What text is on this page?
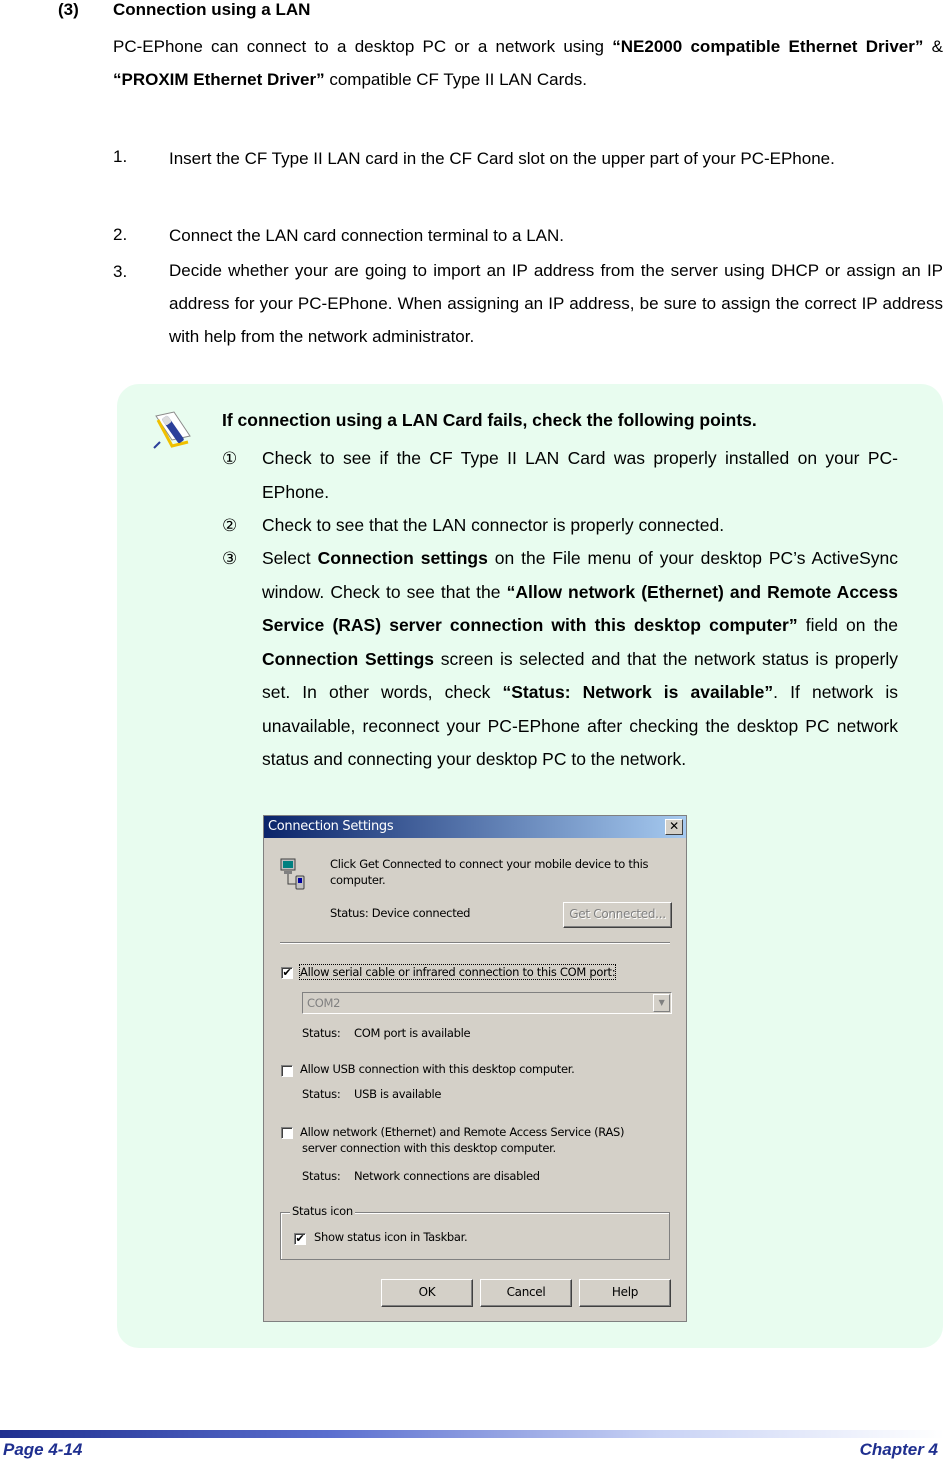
(3) Connection using a LAN
PC-EPhone can connect to a desktop PC or a network using “NE2000 compatible Ethernet Driver” & “PROXIM Ethernet Driver” compatible CF Type II LAN Cards.
1. Insert the CF Type II LAN card in the CF Card slot on the upper part of your PC-EPhone.
2. Connect the LAN card connection terminal to a LAN.
3. Decide whether your are going to import an IP address from the server using DHCP or assign an IP address for your PC-EPhone. When assigning an IP address, be sure to assign the correct IP address with help from the network administrator.
If connection using a LAN Card fails, check the following points.
① Check to see if the CF Type II LAN Card was properly installed on your PC-EPhone.
② Check to see that the LAN connector is properly connected.
③ Select Connection settings on the File menu of your desktop PC’s ActiveSync window. Check to see that the “Allow network (Ethernet) and Remote Access Service (RAS) server connection with this desktop computer” field on the Connection Settings screen is selected and that the network status is properly set. In other words, check “Status: Network is available”. If network is unavailable, reconnect your PC-EPhone after checking the desktop PC network status and connecting your desktop PC to the network.
Connection Settings	✕
Click Get Connected to connect your mobile device to this
computer.
Status: Device connected	Get Connected...
✔ Allow serial cable or infrared connection to this COM port:
COM2	▼
Status: COM port is available
Allow USB connection with this desktop computer.
Status: USB is available
Allow network (Ethernet) and Remote Access Service (RAS)
server connection with this desktop computer.
Status: Network connections are disabled
Status icon
✔ Show status icon in Taskbar.
OK	Cancel	Help
Page 4-14	Chapter 4
